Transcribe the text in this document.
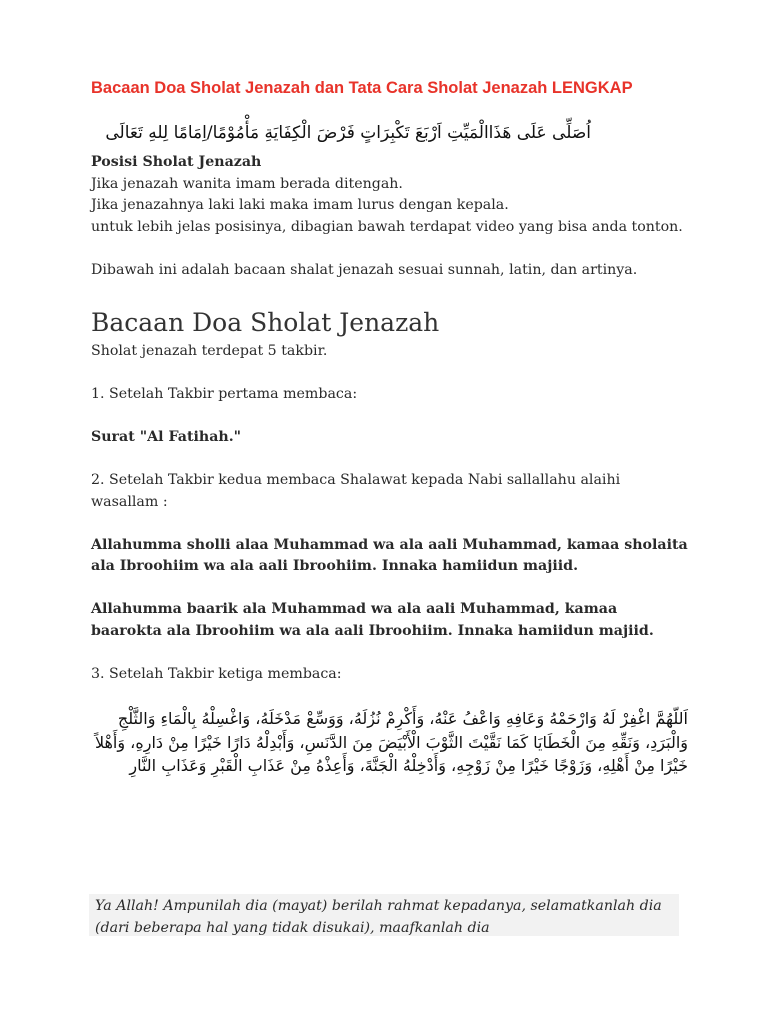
Bacaan Doa Sholat Jenazah dan Tata Cara Sholat Jenazah LENGKAP

اُصَلِّى عَلَى هَذَاالْمَيِّتِ اَرْبَعَ تَكْبِرَاتٍ فَرْضَ الْكِفَايَةِ مَأْمُوْمًا/اِمَامًا لِلهِ تَعَالَى

Posisi Sholat Jenazah

Jika jenazah wanita imam berada ditengah.

Jika jenazahnya laki laki maka imam lurus dengan kepala.

untuk lebih jelas posisinya, dibagian bawah terdapat video yang bisa anda tonton.

Dibawah ini adalah bacaan shalat jenazah sesuai sunnah, latin, dan artinya.

Bacaan Doa Sholat Jenazah

Sholat jenazah terdepat 5 takbir.

1. Setelah Takbir pertama membaca:

Surat "Al Fatihah."

2. Setelah Takbir kedua membaca Shalawat kepada Nabi sallallahu alaihi wasallam :

Allahumma sholli alaa Muhammad wa ala aali Muhammad, kamaa sholaita ala Ibroohiim wa ala aali Ibroohiim. Innaka hamiidun majiid.

Allahumma baarik ala Muhammad wa ala aali Muhammad, kamaa baarokta ala Ibroohiim wa ala aali Ibroohiim. Innaka hamiidun majiid.

3. Setelah Takbir ketiga membaca:

اَللّهُمَّ اغْفِرْ لَهُ وَارْحَمْهُ وَعَافِهِ وَاعْفُ عَنْهُ، وَأَكْرِمْ نُزُلَهُ، وَوَسِّعْ مَدْخَلَهُ، وَاغْسِلْهُ بِالْمَاءِ وَالثَّلْجِ وَالْبَرَدِ، وَنَقِّهِ مِنَ الْخَطَايَا كَمَا نَقَّيْتَ الثَّوْبَ الْأَبْيَضَ مِنَ الدَّنَسِ، وَأَبْدِلْهُ دَارًا خَيْرًا مِنْ دَارِهِ، وَأَهْلاً خَيْرًا مِنْ أَهْلِهِ، وَزَوْجًا خَيْرًا مِنْ زَوْجِهِ، وَأَدْخِلْهُ الْجَنَّةَ، وَأَعِذْهُ مِنْ عَذَابِ الْقَبْرِ وَعَذَابِ النَّارِ

Ya Allah! Ampunilah dia (mayat) berilah rahmat kepadanya, selamatkanlah dia (dari beberapa hal yang tidak disukai), maafkanlah dia
